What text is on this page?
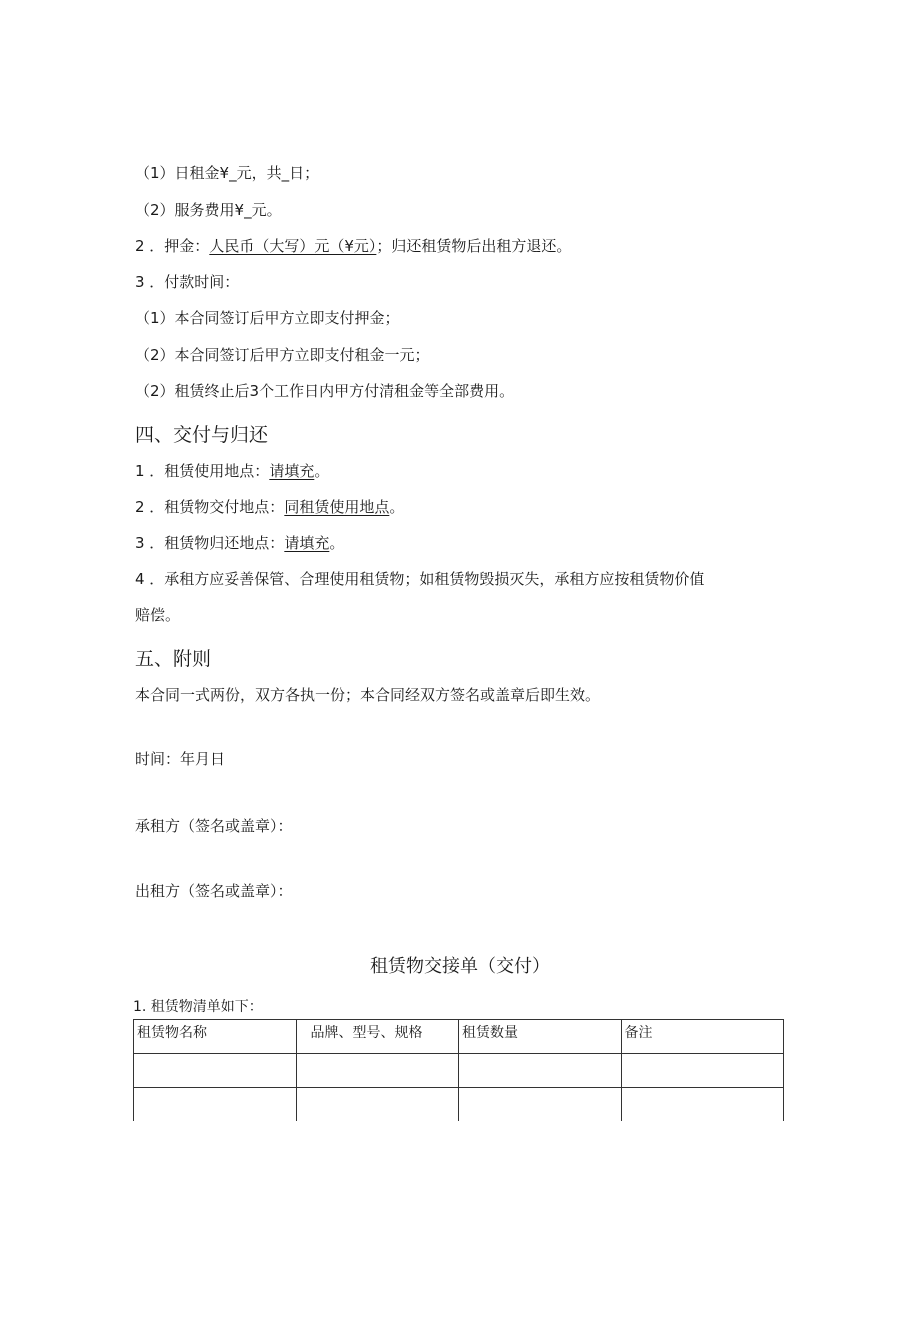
（1）日租金¥_元，共_日；
（2）服务费用¥_元。
2 ．押金：人民币（大写）元（¥元）；归还租赁物后出租方退还。
3 ．付款时间：
（1）本合同签订后甲方立即支付押金；
（2）本合同签订后甲方立即支付租金一元；
（2）租赁终止后3个工作日内甲方付清租金等全部费用。
四、交付与归还
1 ．租赁使用地点：请填充。
2 ．租赁物交付地点：同租赁使用地点。
3 ．租赁物归还地点：请填充。
4 ．承租方应妥善保管、合理使用租赁物；如租赁物毁损灭失，承租方应按租赁物价值
赔偿。
五、附则
本合同一式两份，双方各执一份；本合同经双方签名或盖章后即生效。
时间：年月日
承租方（签名或盖章）：
出租方（签名或盖章）：
租赁物交接单（交付）
1. 租赁物清单如下：
租赁物名称	品牌、型号、规格	租赁数量	备注
